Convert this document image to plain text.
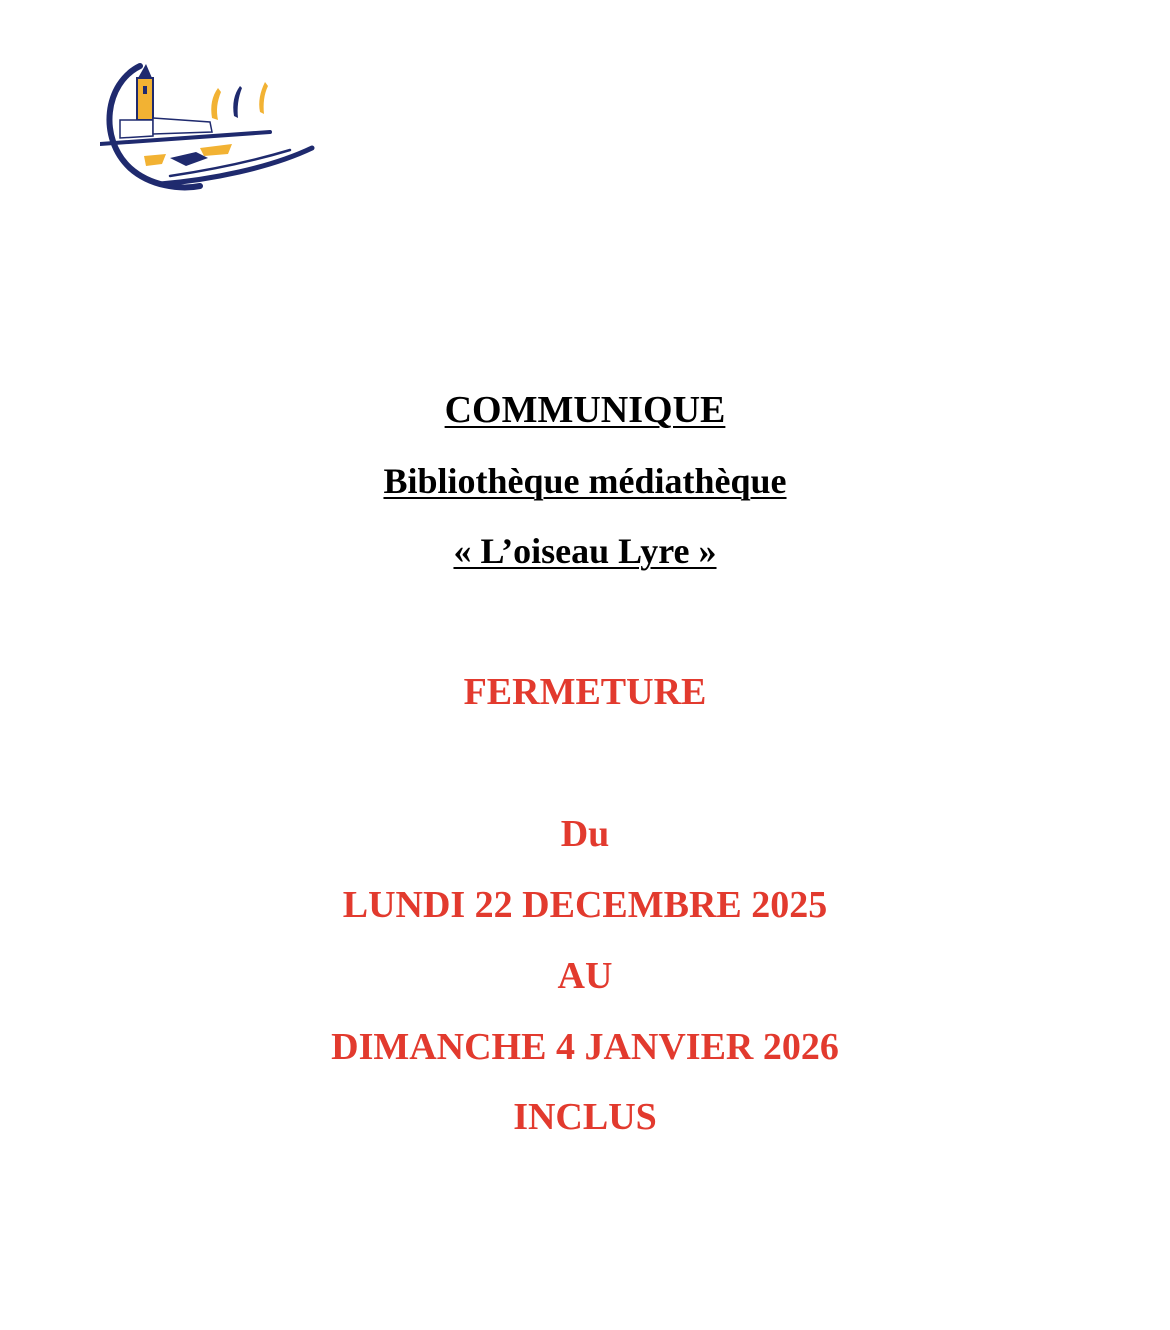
COMMUNIQUE
Bibliothèque médiathèque
« L’oiseau Lyre »
FERMETURE
Du
LUNDI 22 DECEMBRE 2025
AU
DIMANCHE 4 JANVIER 2026
INCLUS
